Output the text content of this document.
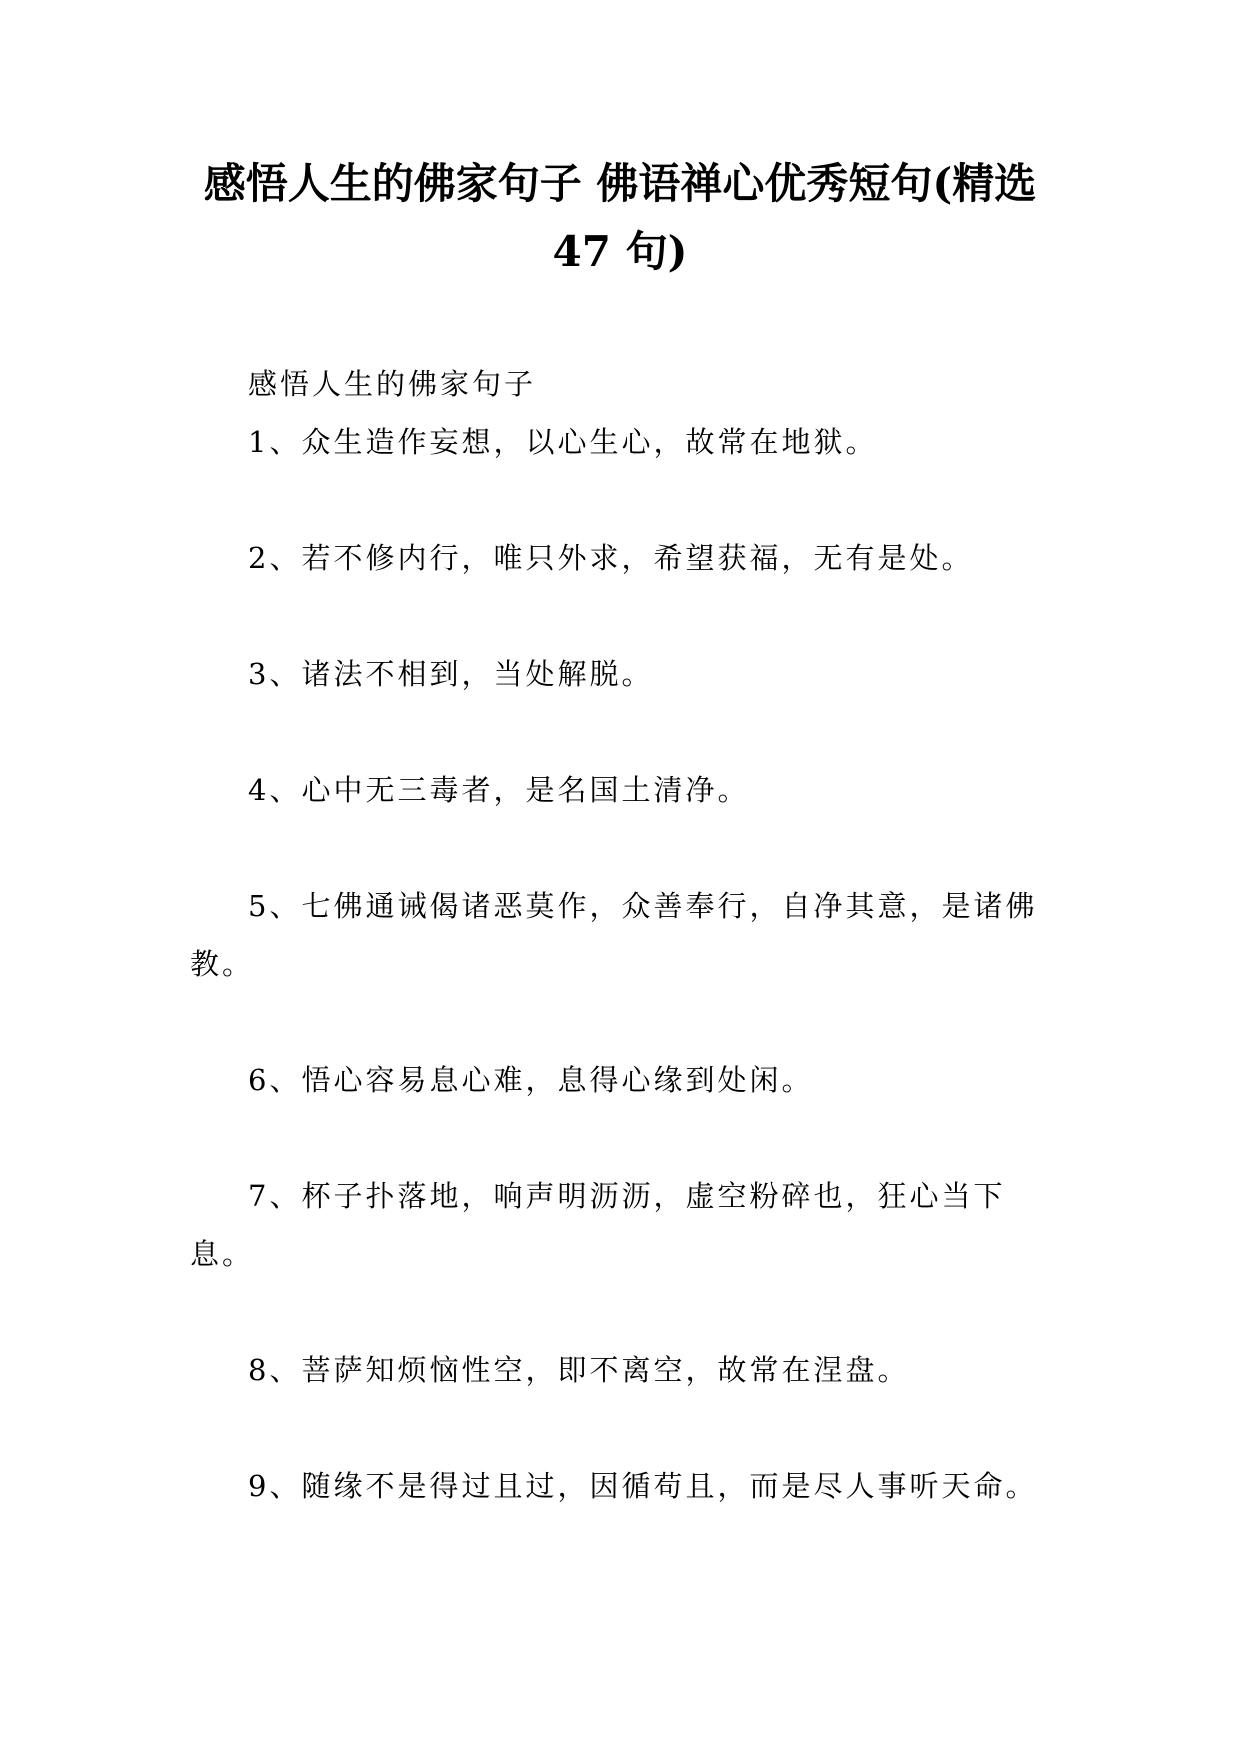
感悟人生的佛家句子 佛语禅心优秀短句(精选 47 句)

感悟人生的佛家句子

1、众生造作妄想，以心生心，故常在地狱。

2、若不修内行，唯只外求，希望获福，无有是处。

3、诸法不相到，当处解脱。

4、心中无三毒者，是名国土清净。

5、七佛通诫偈诸恶莫作，众善奉行，自净其意，是诸佛教。

6、悟心容易息心难，息得心缘到处闲。

7、杯子扑落地，响声明沥沥，虚空粉碎也，狂心当下息。

8、菩萨知烦恼性空，即不离空，故常在涅盘。

9、随缘不是得过且过，因循苟且，而是尽人事听天命。
